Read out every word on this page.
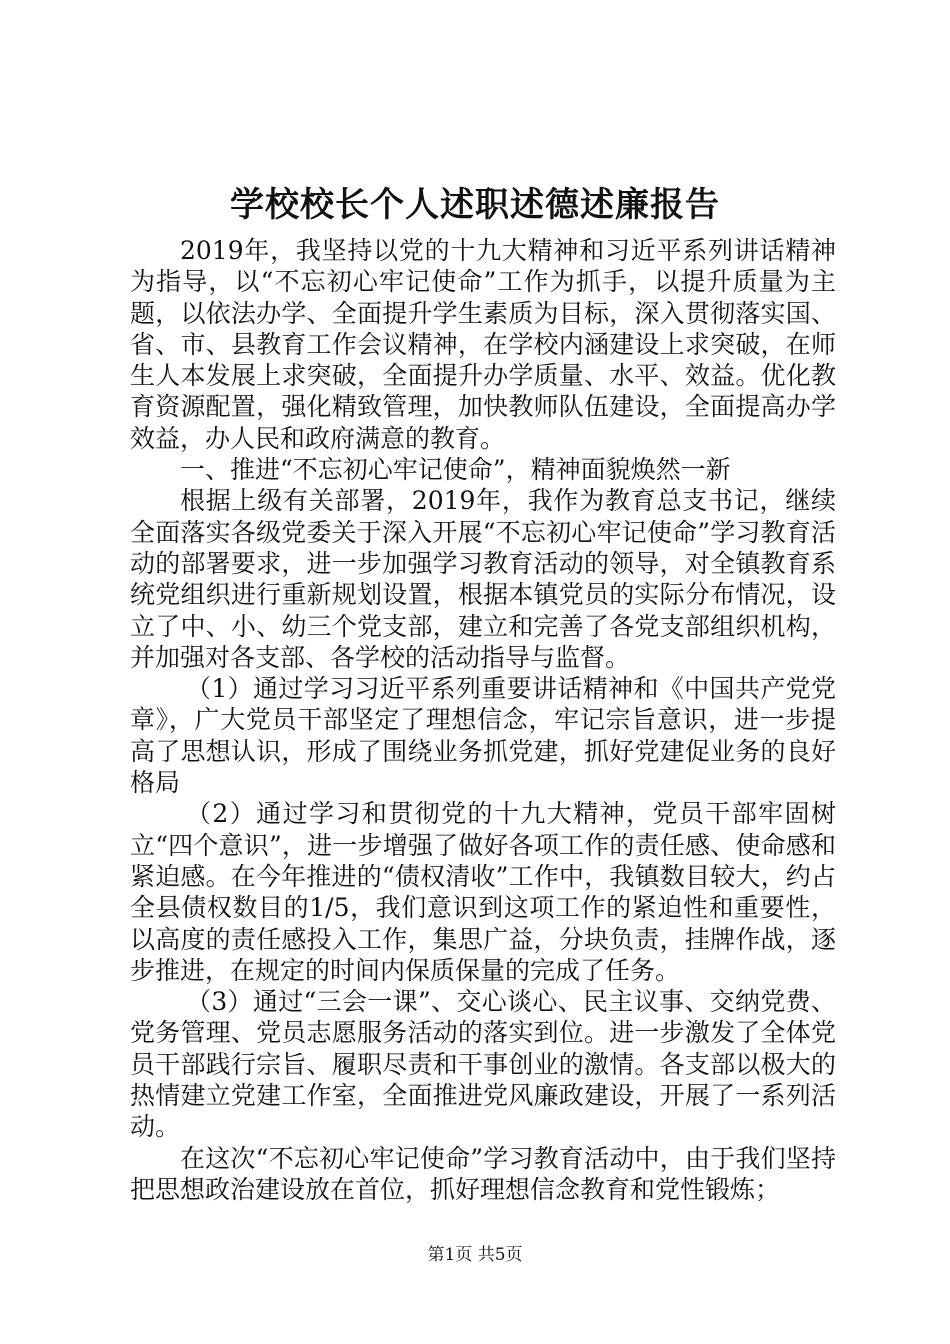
学校校长个人述职述德述廉报告

2019年，我坚持以党的十九大精神和习近平系列讲话精神为指导，以“不忘初心牢记使命”工作为抓手，以提升质量为主题，以依法办学、全面提升学生素质为目标，深入贯彻落实国、省、市、县教育工作会议精神，在学校内涵建设上求突破，在师生人本发展上求突破，全面提升办学质量、水平、效益。优化教育资源配置，强化精致管理，加快教师队伍建设，全面提高办学效益，办人民和政府满意的教育。

一、推进“不忘初心牢记使命”，精神面貌焕然一新

根据上级有关部署，2019年，我作为教育总支书记，继续全面落实各级党委关于深入开展“不忘初心牢记使命”学习教育活动的部署要求，进一步加强学习教育活动的领导，对全镇教育系统党组织进行重新规划设置，根据本镇党员的实际分布情况，设立了中、小、幼三个党支部，建立和完善了各党支部组织机构，并加强对各支部、各学校的活动指导与监督。

（1）通过学习习近平系列重要讲话精神和《中国共产党党章》，广大党员干部坚定了理想信念，牢记宗旨意识，进一步提高了思想认识，形成了围绕业务抓党建，抓好党建促业务的良好格局

（2）通过学习和贯彻党的十九大精神，党员干部牢固树立“四个意识”，进一步增强了做好各项工作的责任感、使命感和紧迫感。在今年推进的“债权清收”工作中，我镇数目较大，约占全县债权数目的1/5，我们意识到这项工作的紧迫性和重要性，以高度的责任感投入工作，集思广益，分块负责，挂牌作战，逐步推进，在规定的时间内保质保量的完成了任务。

（3）通过“三会一课”、交心谈心、民主议事、交纳党费、党务管理、党员志愿服务活动的落实到位。进一步激发了全体党员干部践行宗旨、履职尽责和干事创业的激情。各支部以极大的热情建立党建工作室，全面推进党风廉政建设，开展了一系列活动。

在这次“不忘初心牢记使命”学习教育活动中，由于我们坚持把思想政治建设放在首位，抓好理想信念教育和党性锻炼；

第1页 共5页
